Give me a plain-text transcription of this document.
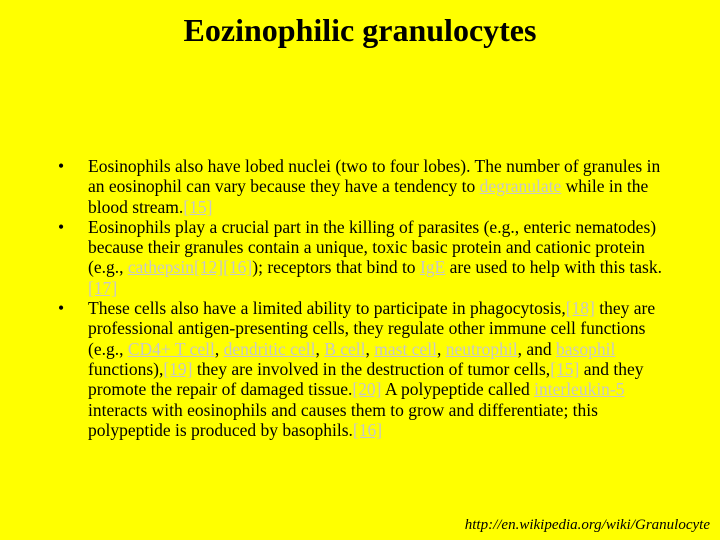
Eozinophilic granulocytes
• Eosinophils also have lobed nuclei (two to four lobes). The number of granules in an eosinophil can vary because they have a tendency to degranulate while in the blood stream.[15]
• Eosinophils play a crucial part in the killing of parasites (e.g., enteric nematodes) because their granules contain a unique, toxic basic protein and cationic protein (e.g., cathepsin[12][16]); receptors that bind to IgE are used to help with this task.[17]
• These cells also have a limited ability to participate in phagocytosis,[18] they are professional antigen-presenting cells, they regulate other immune cell functions (e.g., CD4+ T cell, dendritic cell, B cell, mast cell, neutrophil, and basophil functions),[19] they are involved in the destruction of tumor cells,[15] and they promote the repair of damaged tissue.[20] A polypeptide called interleukin-5 interacts with eosinophils and causes them to grow and differentiate; this polypeptide is produced by basophils.[16]
http://en.wikipedia.org/wiki/Granulocyte
